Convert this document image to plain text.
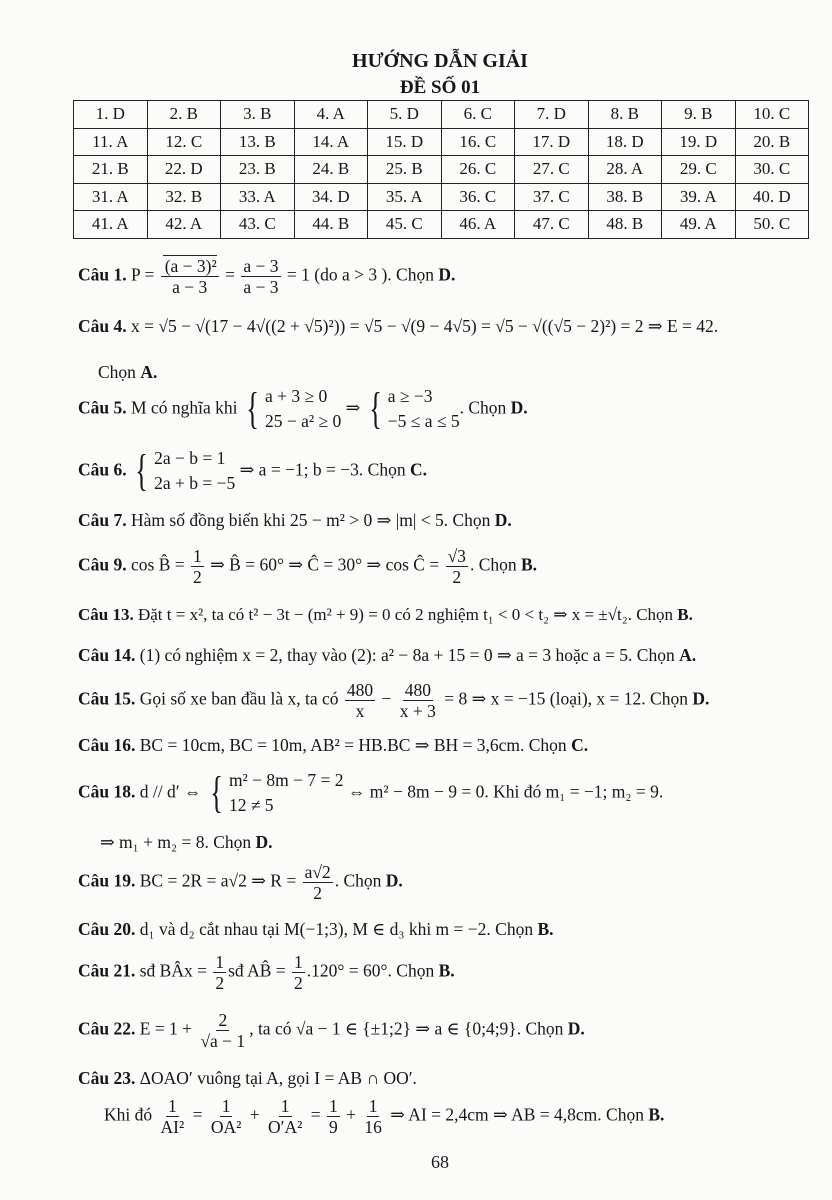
HƯỚNG DẪN GIẢI
ĐỀ SỐ 01
1. D	2. B	3. B	4. A	5. D	6. C	7. D	8. B	9. B	10. C
11. A	12. C	13. B	14. A	15. D	16. C	17. D	18. D	19. D	20. B
21. B	22. D	23. B	24. B	25. B	26. C	27. C	28. A	29. C	30. C
31. A	32. B	33. A	34. D	35. A	36. C	37. C	38. B	39. A	40. D
41. A	42. A	43. C	44. B	45. C	46. A	47. C	48. B	49. A	50. C
Câu 1. $P = \frac{\text{(a − 3)²}}{a - 3} = \frac{a - 3}{a - 3} = 1$ (do a > 3 ). Chọn D.
Câu 4. x = √5 − √(17 − 4√((2 + √5)²)) = √5 − √(9 − 4√5) = √5 − √((√5 − 2)²) = 2 ⇒ E = 42.
Chọn A.
Câu 5. M có nghĩa khi { a + 3 ≥ 0
25 − a² ≥ 0
⇒ { a ≥ −3
−5 ≤ a ≤ 5
. Chọn D.
Câu 6. { 2a − b = 1
2a + b = −5
⇒ a = −1; b = −3. Chọn C.
Câu 7. Hàm số đồng biến khi 25 − m² > 0 ⇒ |m| < 5. Chọn D.
Câu 9. cos B̂ = $\frac{1}{2}$ ⇒ B̂ = 60° ⇒ Ĉ = 30° ⇒ cos Ĉ = $\frac{√3}{2}$ . Chọn B.
Câu 13. Đặt t = x², ta có t² − 3t − (m² + 9) = 0 có 2 nghiệm t₁ < 0 < t₂ ⇒ x = ±√t₂. Chọn B.
Câu 14. (1) có nghiệm x = 2, thay vào (2): a² − 8a + 15 = 0 ⇒ a = 3 hoặc a = 5. Chọn A.
Câu 15. Gọi số xe ban đầu là x, ta có $\frac{480}{x} - \frac{480}{x + 3} = 8$ ⇒ x = −15 (loại), x = 12. Chọn D.
Câu 16. BC = 10cm, BC = 10m, AB² = HB.BC ⇒ BH = 3,6cm. Chọn C.
Câu 18. d // d′ ⇔ { m² − 8m − 7 = 2
12 ≠ 5
⇔ m² − 8m − 9 = 0. Khi đó m₁ = −1; m₂ = 9.
⇒ m₁ + m₂ = 8. Chọn D.
Câu 19. BC = 2R = a√2 ⇒ $R = \frac{a√2}{2}$ . Chọn D.
Câu 20. d₁ và d₂ cắt nhau tại M(−1;3), M ∈ d₃ khi m = −2. Chọn B.
Câu 21. sđ BÂx = $\frac{1}{2}$ sđ AB̂ = $\frac{1}{2} .120^\circ = 60^\circ$. Chọn B.
Câu 22. $E = 1 + \frac{2}{√a - 1}$ , ta có √a − 1 ∈ {±1;2} ⇒ a ∈ {0;4;9}. Chọn D.
Câu 23. ΔOAO′ vuông tại A, gọi I = AB ∩ OO′.
Khi đó $\frac{1}{\text{AI²}} = \frac{1}{\text{OA²}} + \frac{1}{\text{O′A²}} = \frac{1}{9} + \frac{1}{16}$ ⇒ AI = 2,4cm ⇒ AB = 4,8cm. Chọn B.
68
